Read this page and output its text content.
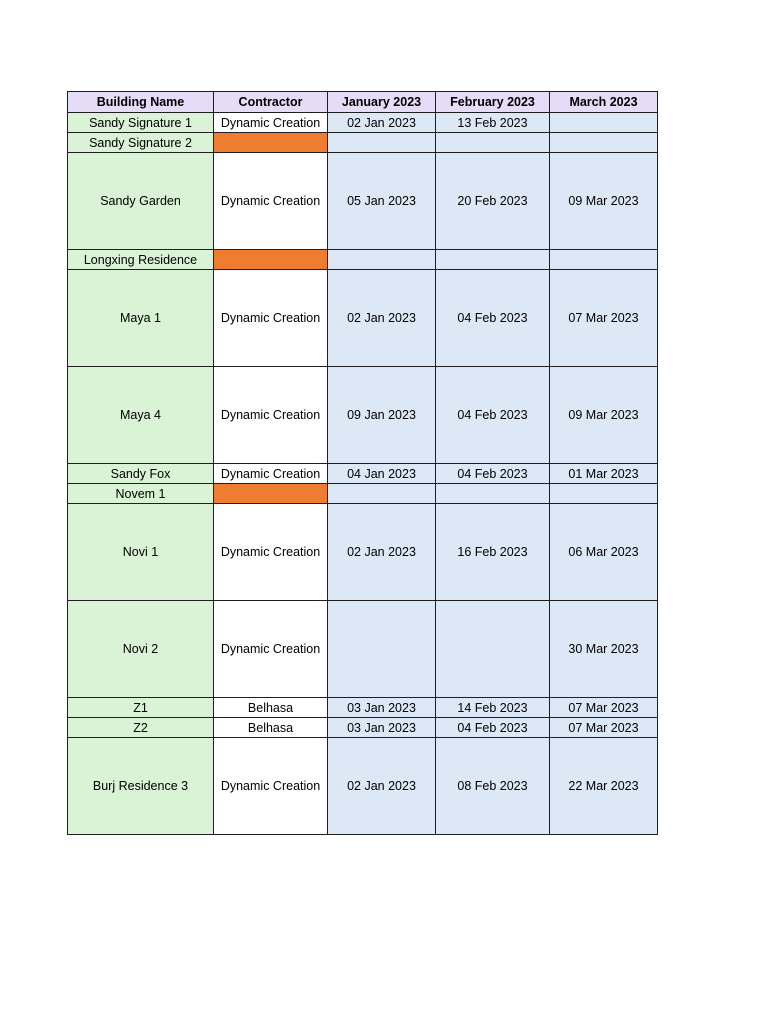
Building Name	Contractor	January 2023	February 2023	March 2023
Sandy Signature 1	Dynamic Creation	02 Jan 2023	13 Feb 2023	
Sandy Signature 2				
Sandy Garden	Dynamic Creation	05 Jan 2023	20 Feb 2023	09 Mar 2023
Longxing Residence				
Maya 1	Dynamic Creation	02 Jan 2023	04 Feb 2023	07 Mar 2023
Maya 4	Dynamic Creation	09 Jan 2023	04 Feb 2023	09 Mar 2023
Sandy Fox	Dynamic Creation	04 Jan 2023	04 Feb 2023	01 Mar 2023
Novem 1				
Novi 1	Dynamic Creation	02 Jan 2023	16 Feb 2023	06 Mar 2023
Novi 2	Dynamic Creation			30 Mar 2023
Z1	Belhasa	03 Jan 2023	14 Feb 2023	07 Mar 2023
Z2	Belhasa	03 Jan 2023	04 Feb 2023	07 Mar 2023
Burj Residence 3	Dynamic Creation	02 Jan 2023	08 Feb 2023	22 Mar 2023
